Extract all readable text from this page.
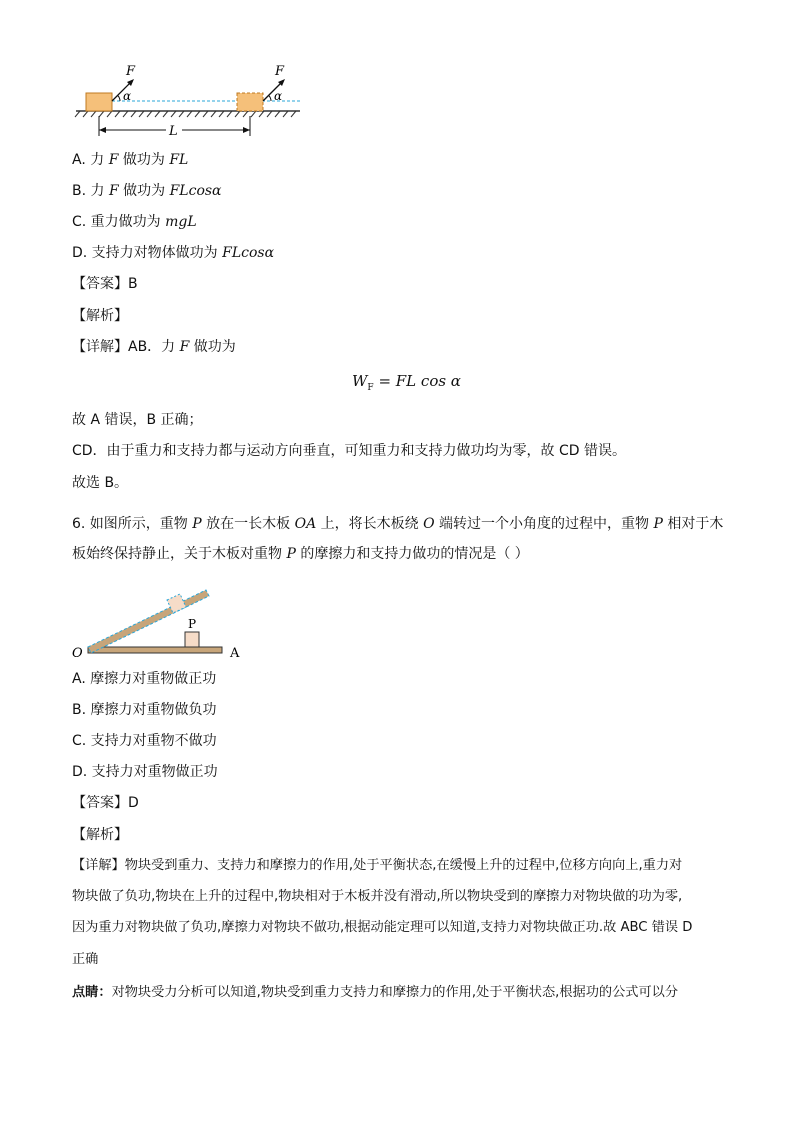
F	F
α	α
L
A. 力 F 做功为 FL
B. 力 F 做功为 FLcosα
C. 重力做功为 mgL
D. 支持力对物体做功为 FLcosα
【答案】B
【解析】
【详解】AB．力 F 做功为
$W_F$ = FL cos α
故 A 错误，B 正确；
CD．由于重力和支持力都与运动方向垂直，可知重力和支持力做功均为零，故 CD 错误。
故选 B。
6. 如图所示，重物 P 放在一长木板 OA 上，将长木板绕 O 端转过一个小角度的过程中，重物 P 相对于木
板始终保持静止，关于木板对重物 P 的摩擦力和支持力做功的情况是（ ）
P
O	A
A. 摩擦力对重物做正功
B. 摩擦力对重物做负功
C. 支持力对重物不做功
D. 支持力对重物做正功
【答案】D
【解析】
【详解】物块受到重力、支持力和摩擦力的作用,处于平衡状态,在缓慢上升的过程中,位移方向向上,重力对
物块做了负功,物块在上升的过程中,物块相对于木板并没有滑动,所以物块受到的摩擦力对物块做的功为零,
因为重力对物块做了负功,摩擦力对物块不做功,根据动能定理可以知道,支持力对物块做正功.故 ABC 错误 D
正确
点睛：对物块受力分析可以知道,物块受到重力支持力和摩擦力的作用,处于平衡状态,根据功的公式可以分
